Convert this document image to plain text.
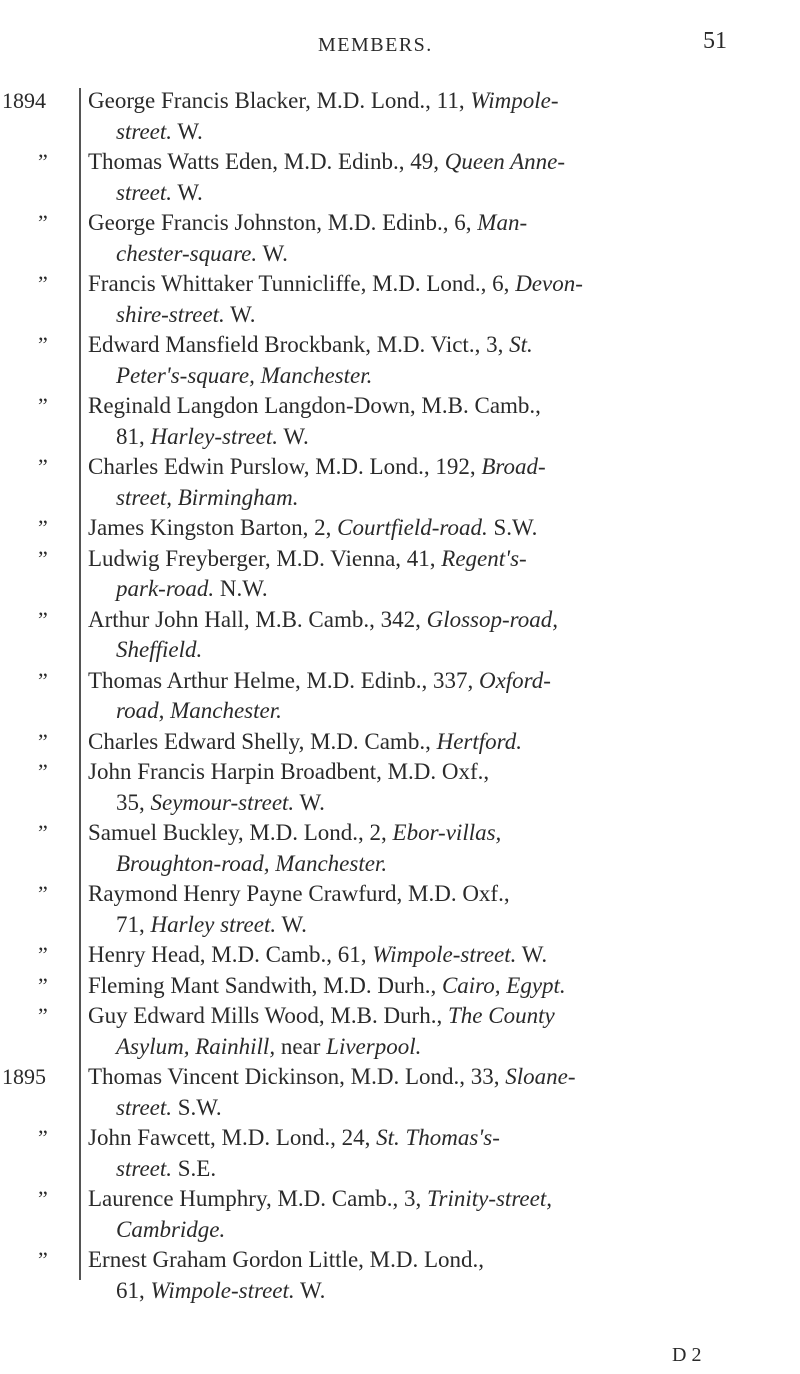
MEMBERS.	51
1894	George Francis Blacker, M.D. Lond., 11, Wimpole-
street. W.
”	Thomas Watts Eden, M.D. Edinb., 49, Queen Anne-
street. W.
”	George Francis Johnston, M.D. Edinb., 6, Man-
chester-square. W.
”	Francis Whittaker Tunnicliffe, M.D. Lond., 6, Devon-
shire-street. W.
”	Edward Mansfield Brockbank, M.D. Vict., 3, St.
Peter's-square, Manchester.
”	Reginald Langdon Langdon-Down, M.B. Camb.,
81, Harley-street. W.
”	Charles Edwin Purslow, M.D. Lond., 192, Broad-
street, Birmingham.
”	James Kingston Barton, 2, Courtfield-road. S.W.
”	Ludwig Freyberger, M.D. Vienna, 41, Regent's-
park-road. N.W.
”	Arthur John Hall, M.B. Camb., 342, Glossop-road,
Sheffield.
”	Thomas Arthur Helme, M.D. Edinb., 337, Oxford-
road, Manchester.
”	Charles Edward Shelly, M.D. Camb., Hertford.
”	John Francis Harpin Broadbent, M.D. Oxf.,
35, Seymour-street. W.
”	Samuel Buckley, M.D. Lond., 2, Ebor-villas,
Broughton-road, Manchester.
”	Raymond Henry Payne Crawfurd, M.D. Oxf.,
71, Harley street. W.
”	Henry Head, M.D. Camb., 61, Wimpole-street. W.
”	Fleming Mant Sandwith, M.D. Durh., Cairo, Egypt.
”	Guy Edward Mills Wood, M.B. Durh., The County
Asylum, Rainhill, near Liverpool.
1895	Thomas Vincent Dickinson, M.D. Lond., 33, Sloane-
street. S.W.
”	John Fawcett, M.D. Lond., 24, St. Thomas's-
street. S.E.
”	Laurence Humphry, M.D. Camb., 3, Trinity-street,
Cambridge.
”	Ernest Graham Gordon Little, M.D. Lond.,
61, Wimpole-street. W.
D 2
